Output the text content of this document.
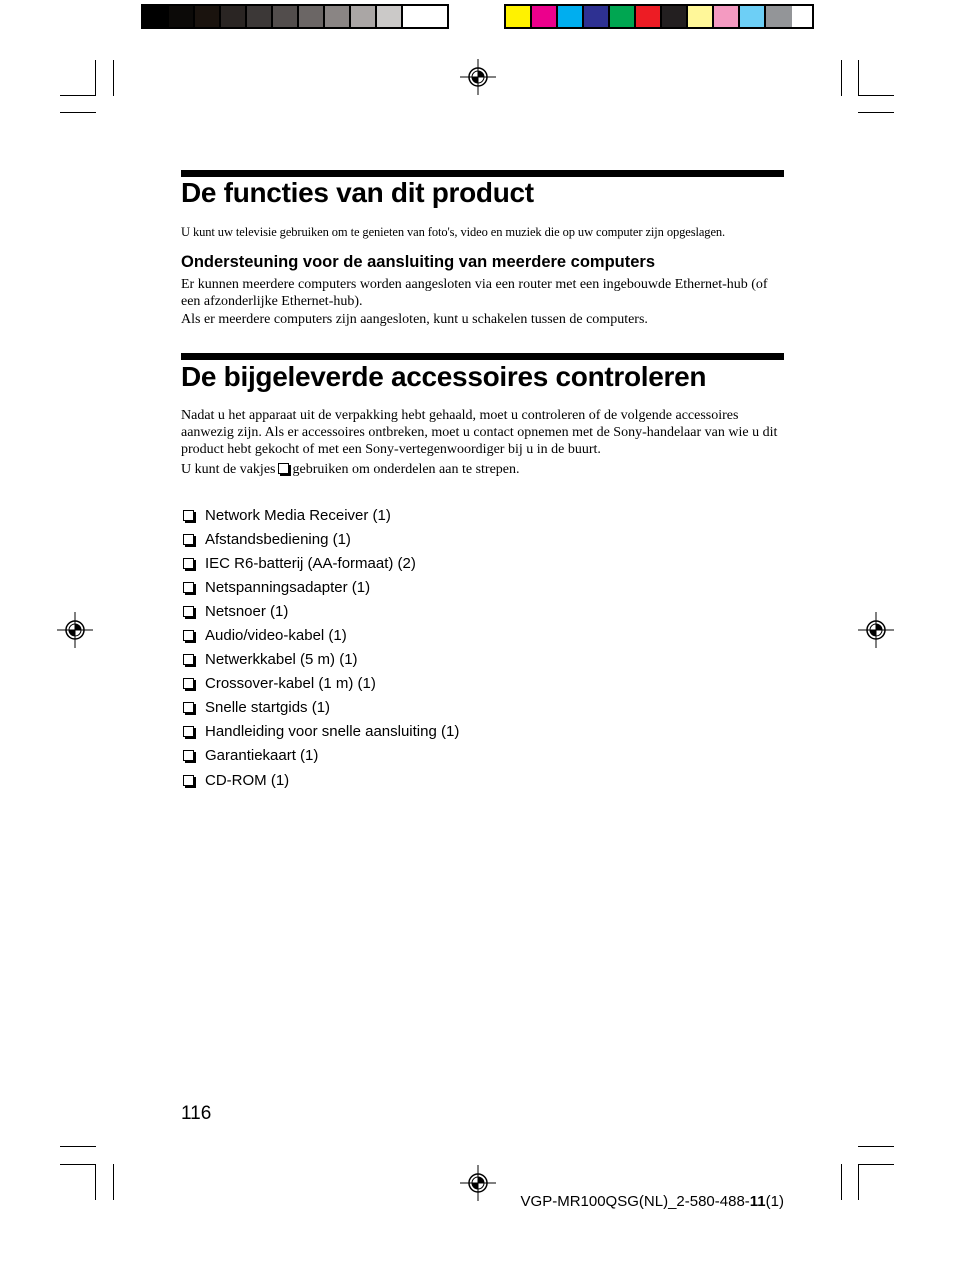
De functies van dit product

U kunt uw televisie gebruiken om te genieten van foto's, video en muziek die op uw computer zijn opgeslagen.

Ondersteuning voor de aansluiting van meerdere computers

Er kunnen meerdere computers worden aangesloten via een router met een ingebouwde Ethernet-hub (of een afzonderlijke Ethernet-hub).

Als er meerdere computers zijn aangesloten, kunt u schakelen tussen de computers.

De bijgeleverde accessoires controleren

Nadat u het apparaat uit de verpakking hebt gehaald, moet u controleren of de volgende accessoires aanwezig zijn. Als er accessoires ontbreken, moet u contact opnemen met de Sony-handelaar van wie u dit product hebt gekocht of met een Sony-vertegenwoordiger bij u in de buurt.

U kunt de vakjes gebruiken om onderdelen aan te strepen.

Network Media Receiver (1)
Afstandsbediening (1)
IEC R6-batterij (AA-formaat) (2)
Netspanningsadapter (1)
Netsnoer (1)
Audio/video-kabel (1)
Netwerkkabel (5 m) (1)
Crossover-kabel (1 m) (1)
Snelle startgids (1)
Handleiding voor snelle aansluiting (1)
Garantiekaart (1)
CD-ROM (1)
116
VGP-MR100QSG(NL)_2-580-488-11(1)
